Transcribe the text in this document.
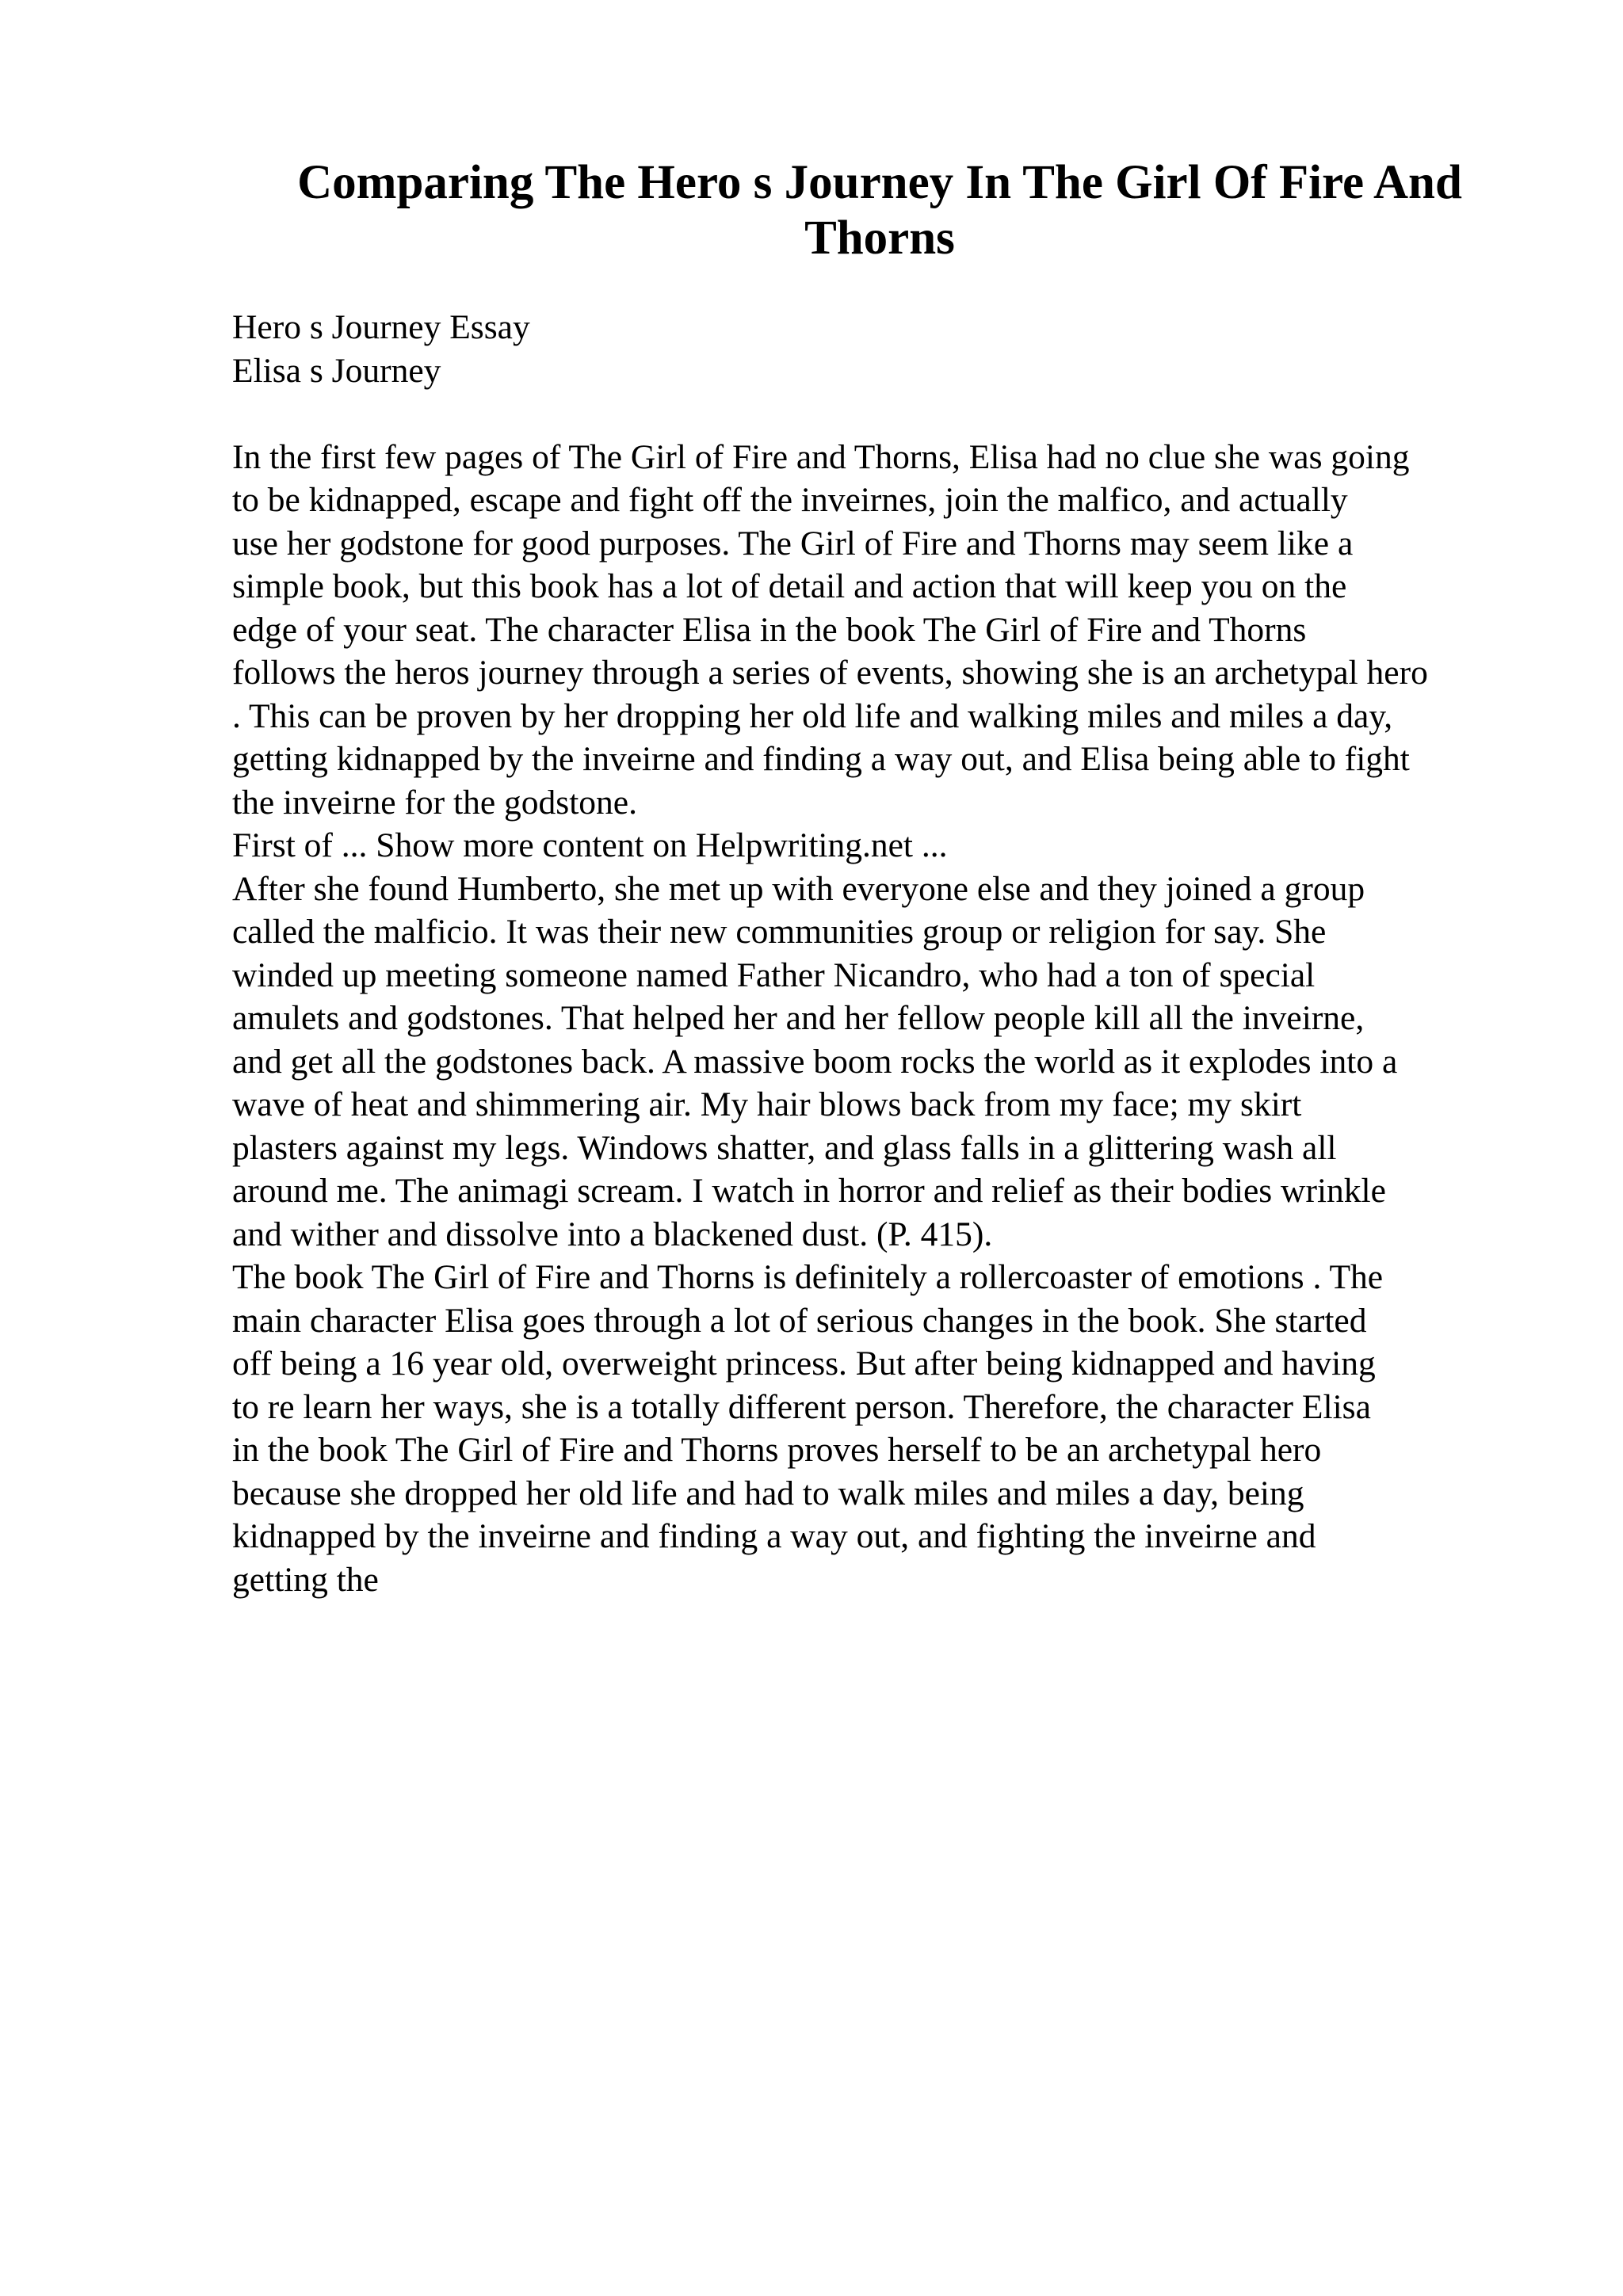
Comparing The Hero s Journey In The Girl Of Fire And
Thorns
Hero s Journey Essay
Elisa s Journey
In the first few pages of The Girl of Fire and Thorns, Elisa had no clue she was going
to be kidnapped, escape and fight off the inveirnes, join the malfico, and actually
use her godstone for good purposes. The Girl of Fire and Thorns may seem like a
simple book, but this book has a lot of detail and action that will keep you on the
edge of your seat. The character Elisa in the book The Girl of Fire and Thorns
follows the heros journey through a series of events, showing she is an archetypal hero
. This can be proven by her dropping her old life and walking miles and miles a day,
getting kidnapped by the inveirne and finding a way out, and Elisa being able to fight
the inveirne for the godstone.
First of ... Show more content on Helpwriting.net ...
After she found Humberto, she met up with everyone else and they joined a group
called the malficio. It was their new communities group or religion for say. She
winded up meeting someone named Father Nicandro, who had a ton of special
amulets and godstones. That helped her and her fellow people kill all the inveirne,
and get all the godstones back. A massive boom rocks the world as it explodes into a
wave of heat and shimmering air. My hair blows back from my face; my skirt
plasters against my legs. Windows shatter, and glass falls in a glittering wash all
around me. The animagi scream. I watch in horror and relief as their bodies wrinkle
and wither and dissolve into a blackened dust. (P. 415).
The book The Girl of Fire and Thorns is definitely a rollercoaster of emotions . The
main character Elisa goes through a lot of serious changes in the book. She started
off being a 16 year old, overweight princess. But after being kidnapped and having
to re learn her ways, she is a totally different person. Therefore, the character Elisa
in the book The Girl of Fire and Thorns proves herself to be an archetypal hero
because she dropped her old life and had to walk miles and miles a day, being
kidnapped by the inveirne and finding a way out, and fighting the inveirne and
getting the
